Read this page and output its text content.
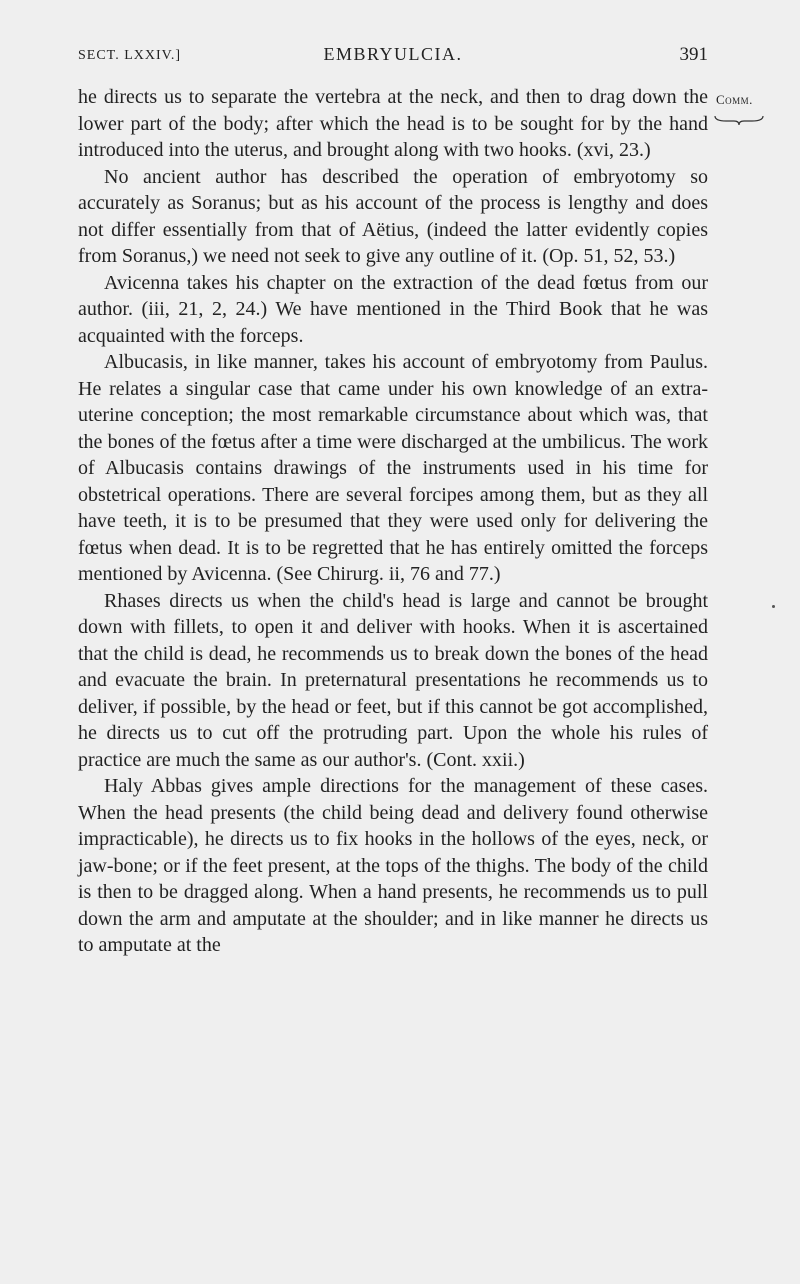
SECT. LXXIV.]	EMBRYULCIA.	391
Comm.

he directs us to separate the vertebra at the neck, and then to drag down the lower part of the body; after which the head is to be sought for by the hand introduced into the uterus, and brought along with two hooks. (xvi, 23.)

No ancient author has described the operation of embryotomy so accurately as Soranus; but as his account of the process is lengthy and does not differ essentially from that of Aëtius, (indeed the latter evidently copies from Soranus,) we need not seek to give any outline of it. (Op. 51, 52, 53.)

Avicenna takes his chapter on the extraction of the dead fœtus from our author. (iii, 21, 2, 24.) We have mentioned in the Third Book that he was acquainted with the forceps.

Albucasis, in like manner, takes his account of embryotomy from Paulus. He relates a singular case that came under his own knowledge of an extra-uterine conception; the most remarkable circumstance about which was, that the bones of the fœtus after a time were discharged at the umbilicus. The work of Albucasis contains drawings of the instruments used in his time for obstetrical operations. There are several forcipes among them, but as they all have teeth, it is to be presumed that they were used only for delivering the fœtus when dead. It is to be regretted that he has entirely omitted the forceps mentioned by Avicenna. (See Chirurg. ii, 76 and 77.)

Rhases directs us when the child's head is large and cannot be brought down with fillets, to open it and deliver with hooks. When it is ascertained that the child is dead, he recommends us to break down the bones of the head and evacuate the brain. In preternatural presentations he recommends us to deliver, if possible, by the head or feet, but if this cannot be got accomplished, he directs us to cut off the protruding part. Upon the whole his rules of practice are much the same as our author's. (Cont. xxii.)

Haly Abbas gives ample directions for the management of these cases. When the head presents (the child being dead and delivery found otherwise impracticable), he directs us to fix hooks in the hollows of the eyes, neck, or jaw-bone; or if the feet present, at the tops of the thighs. The body of the child is then to be dragged along. When a hand presents, he recommends us to pull down the arm and amputate at the shoulder; and in like manner he directs us to amputate at the
